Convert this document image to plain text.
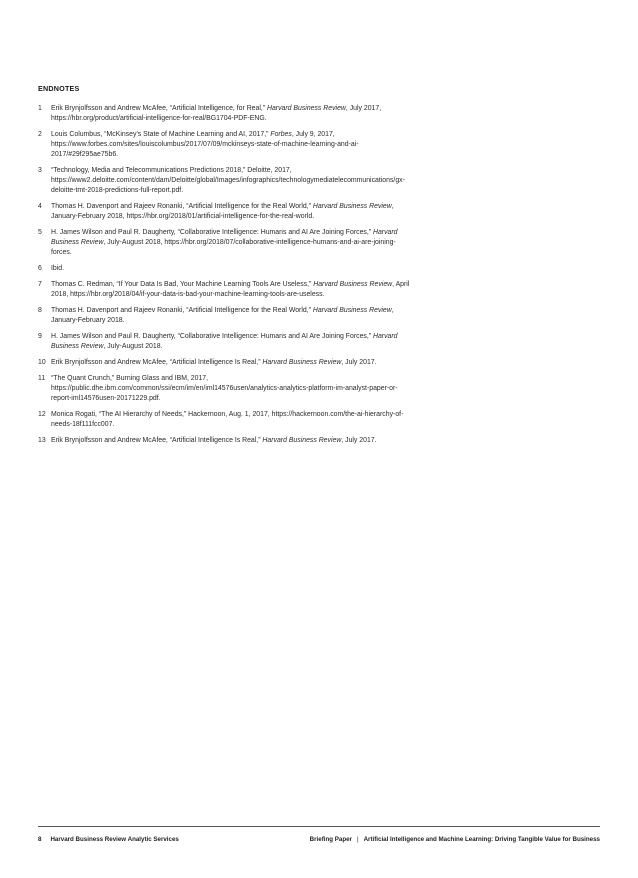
ENDNOTES
1	Erik Brynjolfsson and Andrew McAfee, “Artificial Intelligence, for Real,” Harvard Business Review, July 2017, https://hbr.org/product/artificial-intelligence-for-real/BG1704-PDF-ENG.
2	Louis Columbus, “McKinsey’s State of Machine Learning and AI, 2017,” Forbes, July 9, 2017, https://www.forbes.com/sites/louiscolumbus/2017/07/09/mckinseys-state-of-machine-learning-and-ai-2017/#29f295ae75b6.
3	“Technology, Media and Telecommunications Predictions 2018,” Deloitte, 2017, https://www2.deloitte.com/content/dam/Deloitte/global/Images/infographics/technologymediatelecommunications/gx-deloitte-tmt-2018-predictions-full-report.pdf.
4	Thomas H. Davenport and Rajeev Ronanki, “Artificial Intelligence for the Real World,” Harvard Business Review, January-February 2018, https://hbr.org/2018/01/artificial-intelligence-for-the-real-world.
5	H. James Wilson and Paul R. Daugherty, “Collaborative Intelligence: Humans and AI Are Joining Forces,” Harvard Business Review, July-August 2018, https://hbr.org/2018/07/collaborative-intelligence-humans-and-ai-are-joining-forces.
6	Ibid.
7	Thomas C. Redman, “If Your Data Is Bad, Your Machine Learning Tools Are Useless,” Harvard Business Review, April 2018, https://hbr.org/2018/04/if-your-data-is-bad-your-machine-learning-tools-are-useless.
8	Thomas H. Davenport and Rajeev Ronanki, “Artificial Intelligence for the Real World,” Harvard Business Review, January-February 2018.
9	H. James Wilson and Paul R. Daugherty, “Collaborative Intelligence: Humans and AI Are Joining Forces,” Harvard Business Review, July-August 2018.
10 Erik Brynjolfsson and Andrew McAfee, “Artificial Intelligence Is Real,” Harvard Business Review, July 2017.
11 “The Quant Crunch,” Burning Glass and IBM, 2017, https://public.dhe.ibm.com/common/ssi/ecm/im/en/iml14576usen/analytics-analytics-platform-im-analyst-paper-or-report-iml14576usen-20171229.pdf.
12 Monica Rogati, “The AI Hierarchy of Needs,” Hackernoon, Aug. 1, 2017, https://hackernoon.com/the-ai-hierarchy-of-needs-18f111fcc007.
13 Erik Brynjolfsson and Andrew McAfee, “Artificial Intelligence Is Real,” Harvard Business Review, July 2017.
8 Harvard Business Review Analytic Services	Briefing Paper | Artificial Intelligence and Machine Learning: Driving Tangible Value for Business
